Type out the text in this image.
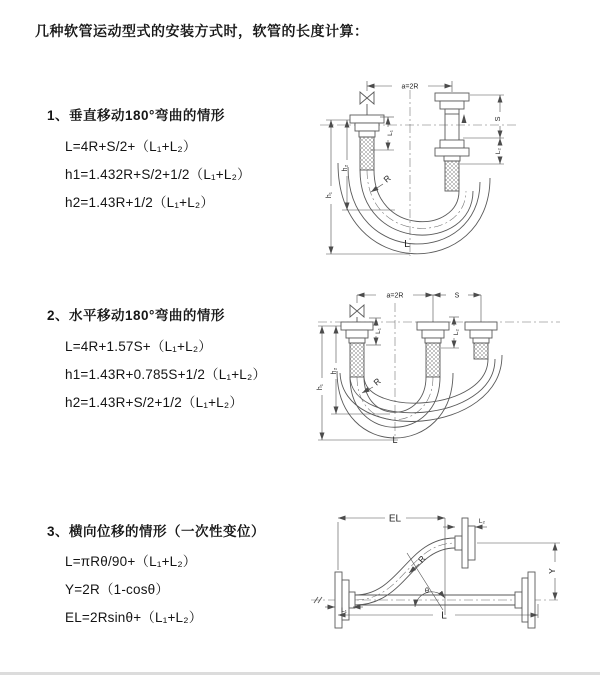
几种软管运动型式的安装方式时，软管的长度计算：
1、垂直移动180°弯曲的情形
L=4R+S/2+（L₁+L₂）
h1=1.432R+S/2+1/2（L₁+L₂）
h2=1.43R+1/2（L₁+L₂）
2、水平移动180°弯曲的情形
L=4R+1.57S+（L₁+L₂）
h1=1.43R+0.785S+1/2（L₁+L₂）
h2=1.43R+S/2+1/2（L₁+L₂）
3、横向位移的情形（一次性变位）
L=πRθ/90+（L₁+L₂）
Y=2R（1-cosθ）
EL=2Rsinθ+（L₁+L₂）
a=2R
S
L₂
h₁
h₂
L₁
R
L
a=2R	S
h₁
h₂
L₁	L₂
R
L
EL	L₂
Y
L
L₁
R
θ
